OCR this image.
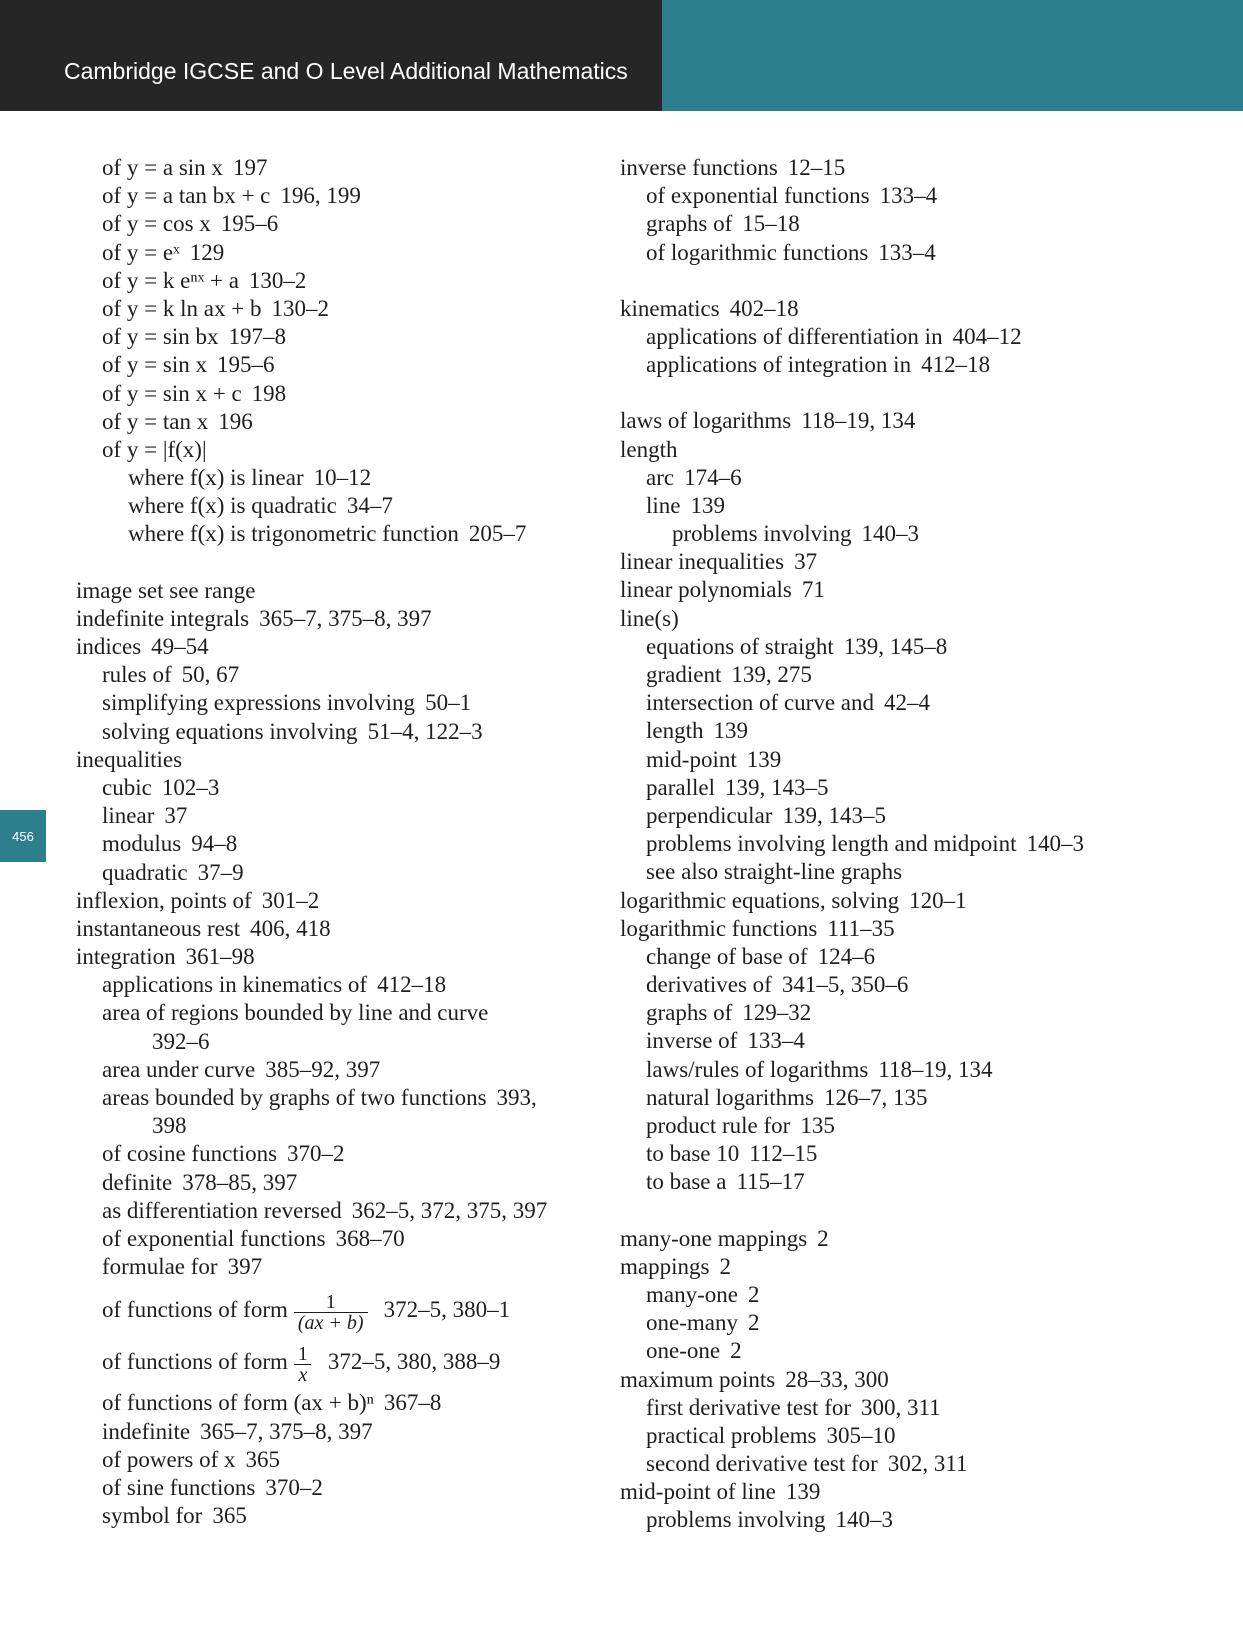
Cambridge IGCSE and O Level Additional Mathematics
456
of y = a sin x 197
of y = a tan bx + c 196, 199
of y = cos x 195–6
of y = eˣ 129
of y = k eⁿˣ + a 130–2
of y = k ln ax + b 130–2
of y = sin bx 197–8
of y = sin x 195–6
of y = sin x + c 198
of y = tan x 196
of y = |f(x)|
where f(x) is linear 10–12
where f(x) is quadratic 34–7
where f(x) is trigonometric function 205–7
image set see range
indefinite integrals 365–7, 375–8, 397
indices 49–54
rules of 50, 67
simplifying expressions involving 50–1
solving equations involving 51–4, 122–3
inequalities
cubic 102–3
linear 37
modulus 94–8
quadratic 37–9
inflexion, points of 301–2
instantaneous rest 406, 418
integration 361–98
applications in kinematics of 412–18
area of regions bounded by line and curve
392–6
area under curve 385–92, 397
areas bounded by graphs of two functions 393,
398
of cosine functions 370–2
definite 378–85, 397
as differentiation reversed 362–5, 372, 375, 397
of exponential functions 368–70
formulae for 397
of functions of form $\frac{1}{(ax + b)} 372-5$, 380–1
of functions of form $\frac{1}{x} 372-5$, 380, 388–9
of functions of form (ax + b)ⁿ 367–8
indefinite 365–7, 375–8, 397
of powers of x 365
of sine functions 370–2
symbol for 365
inverse functions 12–15
of exponential functions 133–4
graphs of 15–18
of logarithmic functions 133–4
kinematics 402–18
applications of differentiation in 404–12
applications of integration in 412–18
laws of logarithms 118–19, 134
length
arc 174–6
line 139
problems involving 140–3
linear inequalities 37
linear polynomials 71
line(s)
equations of straight 139, 145–8
gradient 139, 275
intersection of curve and 42–4
length 139
mid-point 139
parallel 139, 143–5
perpendicular 139, 143–5
problems involving length and midpoint 140–3
see also straight-line graphs
logarithmic equations, solving 120–1
logarithmic functions 111–35
change of base of 124–6
derivatives of 341–5, 350–6
graphs of 129–32
inverse of 133–4
laws/rules of logarithms 118–19, 134
natural logarithms 126–7, 135
product rule for 135
to base 10 112–15
to base a 115–17
many-one mappings 2
mappings 2
many-one 2
one-many 2
one-one 2
maximum points 28–33, 300
first derivative test for 300, 311
practical problems 305–10
second derivative test for 302, 311
mid-point of line 139
problems involving 140–3
